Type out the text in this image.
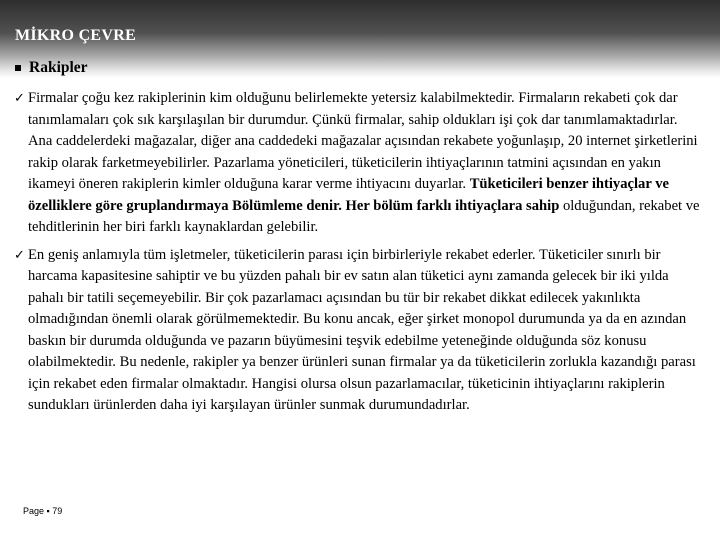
MİKRO ÇEVRE
Rakipler
✓ Firmalar çoğu kez rakiplerinin kim olduğunu belirlemekte yetersiz kalabilmektedir. Firmaların rekabeti çok dar tanımlamaları çok sık karşılaşılan bir durumdur. Çünkü firmalar, sahip oldukları işi çok dar tanımlamaktadırlar. Ana caddelerdeki mağazalar, diğer ana caddedeki mağazalar açısından rekabete yoğunlaşıp, 20 internet şirketlerini rakip olarak farketmeyebilirler. Pazarlama yöneticileri, tüketicilerin ihtiyaçlarının tatmini açısından en yakın ikameyi öneren rakiplerin kimler olduğuna karar verme ihtiyacını duyarlar. Tüketicileri benzer ihtiyaçlar ve özelliklere göre gruplandırmaya Bölümleme denir. Her bölüm farklı ihtiyaçlara sahip olduğundan, rekabet ve tehditlerinin her biri farklı kaynaklardan gelebilir.
✓ En geniş anlamıyla tüm işletmeler, tüketicilerin parası için birbirleriyle rekabet ederler. Tüketiciler sınırlı bir harcama kapasitesine sahiptir ve bu yüzden pahalı bir ev satın alan tüketici aynı zamanda gelecek bir iki yılda pahalı bir tatili seçemeyebilir. Bir çok pazarlamacı açısından bu tür bir rekabet dikkat edilecek yakınlıkta olmadığından önemli olarak görülmemektedir. Bu konu ancak, eğer şirket monopol durumunda ya da en azından baskın bir durumda olduğunda ve pazarın büyümesini teşvik edebilme yeteneğinde olduğunda söz konusu olabilmektedir. Bu nedenle, rakipler ya benzer ürünleri sunan firmalar ya da tüketicilerin zorlukla kazandığı parası için rekabet eden firmalar olmaktadır. Hangisi olursa olsun pazarlamacılar, tüketicinin ihtiyaçlarını rakiplerin sundukları ürünlerden daha iyi karşılayan ürünler sunmak durumundadırlar.
Page ▪ 79
